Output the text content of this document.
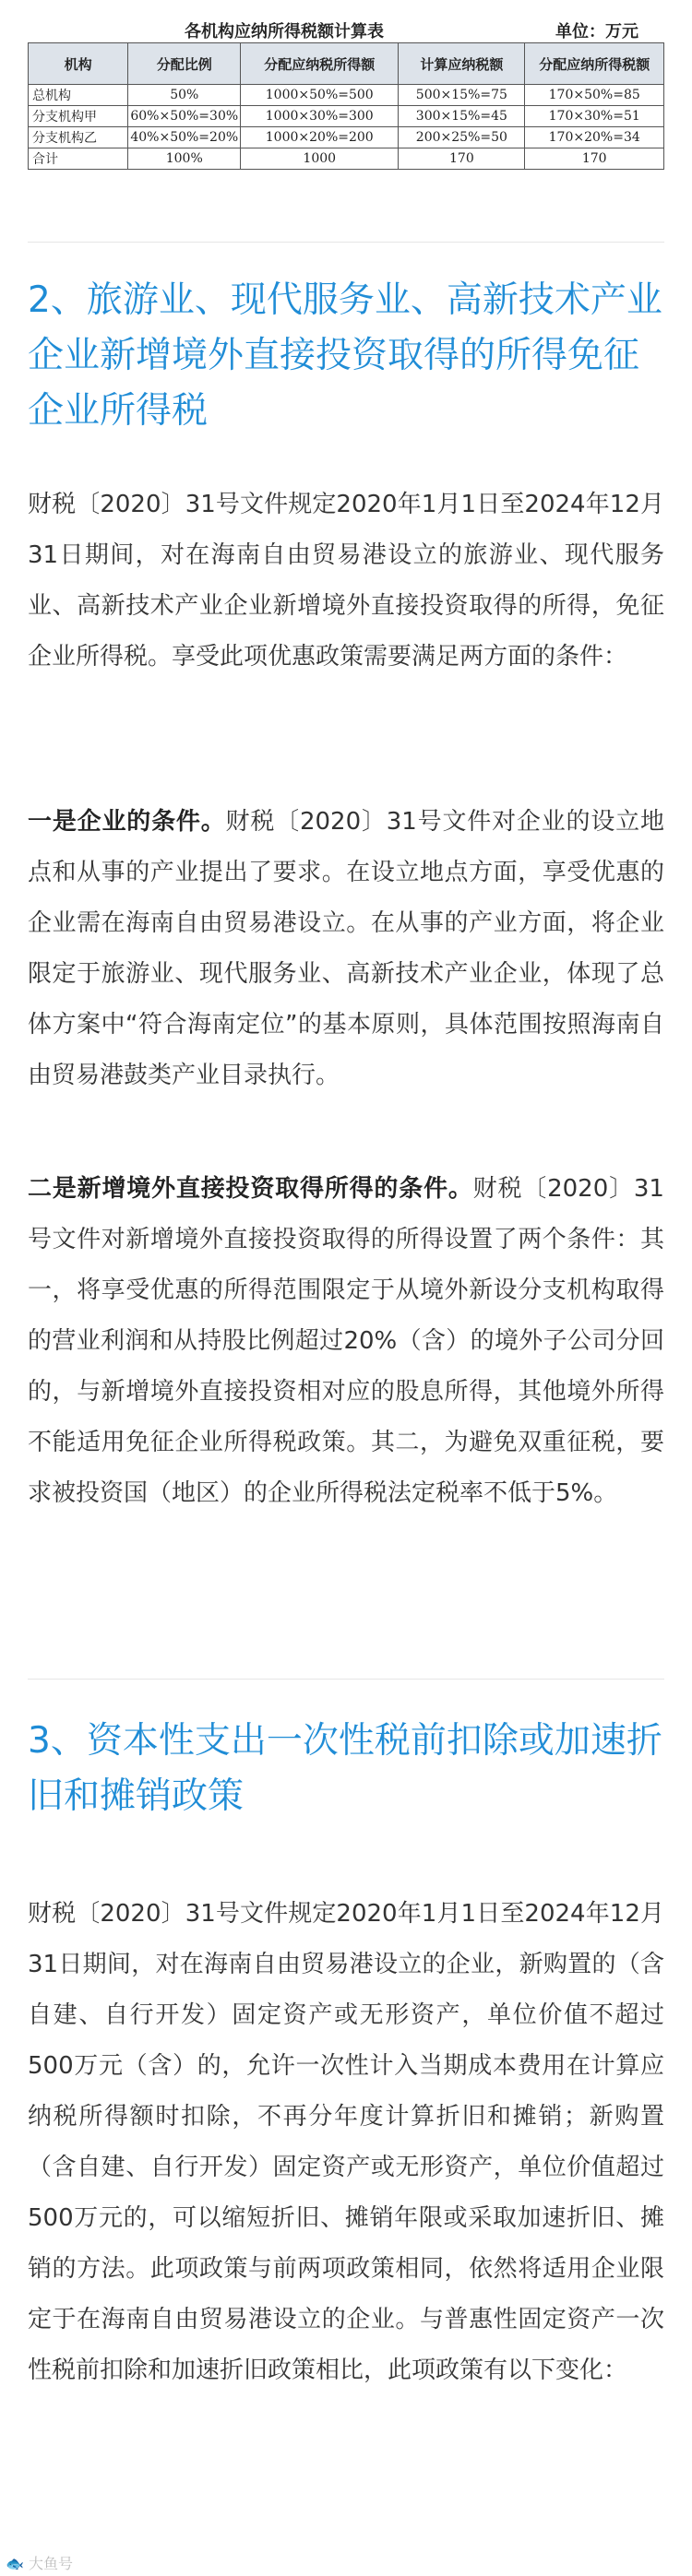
各机构应纳所得税额计算表	单位：万元
机构	分配比例	分配应纳税所得额	计算应纳税额	分配应纳所得税额
总机构	50%	1000×50%=500	500×15%=75	170×50%=85
分支机构甲	60%×50%=30%	1000×30%=300	300×15%=45	170×30%=51
分支机构乙	40%×50%=20%	1000×20%=200	200×25%=50	170×20%=34
合计	100%	1000	170	170
2、旅游业、现代服务业、高新技术产业企业新增境外直接投资取得的所得免征企业所得税

财税〔2020〕31号文件规定2020年1月1日至2024年12月31日期间，对在海南自由贸易港设立的旅游业、现代服务业、高新技术产业企业新增境外直接投资取得的所得，免征企业所得税。享受此项优惠政策需要满足两方面的条件：

一是企业的条件。财税〔2020〕31号文件对企业的设立地点和从事的产业提出了要求。在设立地点方面，享受优惠的企业需在海南自由贸易港设立。在从事的产业方面，将企业限定于旅游业、现代服务业、高新技术产业企业，体现了总体方案中“符合海南定位”的基本原则，具体范围按照海南自由贸易港鼓类产业目录执行。

二是新增境外直接投资取得所得的条件。财税〔2020〕31号文件对新增境外直接投资取得的所得设置了两个条件：其一，将享受优惠的所得范围限定于从境外新设分支机构取得的营业利润和从持股比例超过20%（含）的境外子公司分回的，与新增境外直接投资相对应的股息所得，其他境外所得不能适用免征企业所得税政策。其二，为避免双重征税，要求被投资国（地区）的企业所得税法定税率不低于5%。

3、资本性支出一次性税前扣除或加速折旧和摊销政策

财税〔2020〕31号文件规定2020年1月1日至2024年12月31日期间，对在海南自由贸易港设立的企业，新购置的（含自建、自行开发）固定资产或无形资产，单位价值不超过500万元（含）的，允许一次性计入当期成本费用在计算应纳税所得额时扣除，不再分年度计算折旧和摊销；新购置（含自建、自行开发）固定资产或无形资产，单位价值超过500万元的，可以缩短折旧、摊销年限或采取加速折旧、摊销的方法。此项政策与前两项政策相同，依然将适用企业限定于在海南自由贸易港设立的企业。与普惠性固定资产一次性税前扣除和加速折旧政策相比，此项政策有以下变化：

🐟 大鱼号
